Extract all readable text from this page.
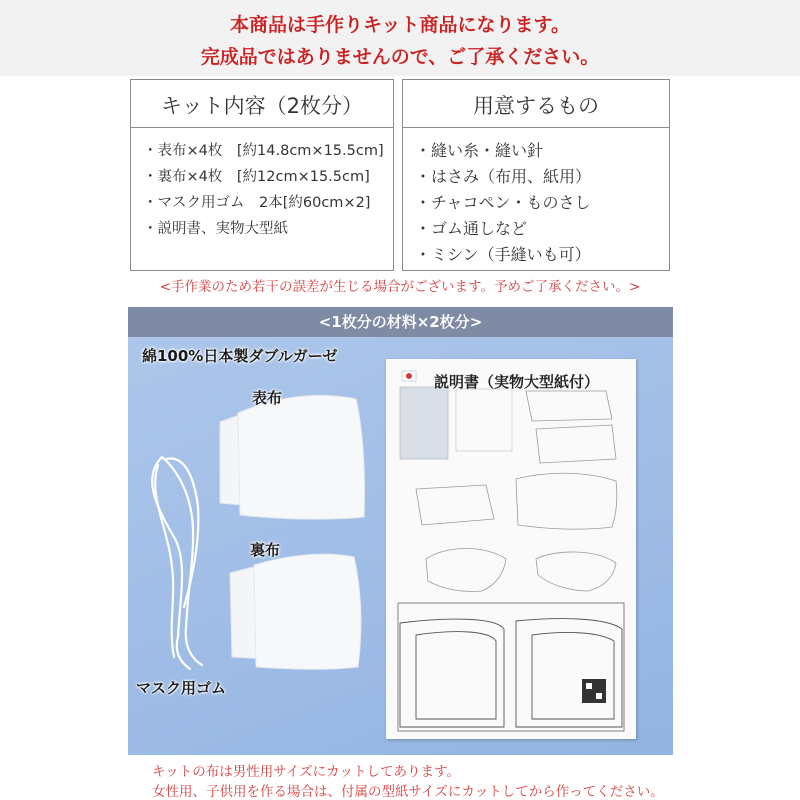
本商品は手作りキット商品になります。
完成品ではありませんので、ご了承ください。
キット内容（2枚分）
・表布×4枚　[約14.8cm×15.5cm]
・裏布×4枚　[約12cm×15.5cm]
・マスク用ゴム　2本[約60cm×2]
・説明書、実物大型紙
用意するもの
・縫い糸・縫い針
・はさみ（布用、紙用）
・チャコペン・ものさし
・ゴム通しなど
・ミシン（手縫いも可）
<手作業のため若干の誤差が生じる場合がございます。予めご了承ください。>
<1枚分の材料×2枚分>
綿100%日本製ダブルガーゼ
表布
裏布
マスク用ゴム
説明書（実物大型紙付）
キットの布は男性用サイズにカットしてあります。
女性用、子供用を作る場合は、付属の型紙サイズにカットしてから作ってください。
